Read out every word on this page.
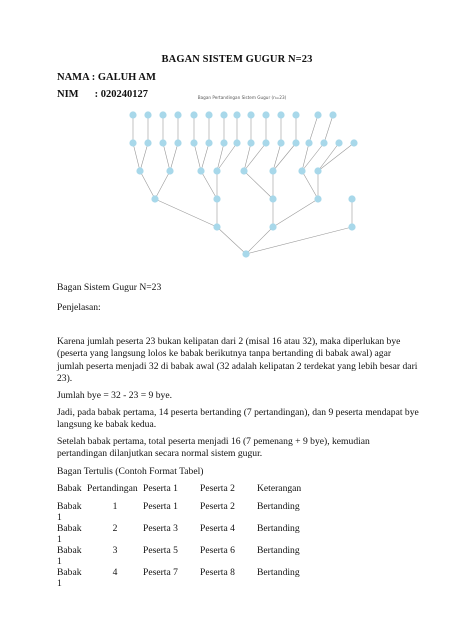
BAGAN SISTEM GUGUR N=23
NAMA : GALUH AM
NIM : 020240127	Bagan Pertandingan Sistem Gugur (n=23)

Bagan Sistem Gugur N=23

Penjelasan:

Karena jumlah peserta 23 bukan kelipatan dari 2 (misal 16 atau 32), maka diperlukan bye (peserta yang langsung lolos ke babak berikutnya tanpa bertanding di babak awal) agar jumlah peserta menjadi 32 di babak awal (32 adalah kelipatan 2 terdekat yang lebih besar dari 23).

Jumlah bye = 32 - 23 = 9 bye.

Jadi, pada babak pertama, 14 peserta bertanding (7 pertandingan), dan 9 peserta mendapat bye langsung ke babak kedua.

Setelah babak pertama, total peserta menjadi 16 (7 pemenang + 9 bye), kemudian pertandingan dilanjutkan secara normal sistem gugur.

Bagan Tertulis (Contoh Format Tabel)

Babak	Pertandingan	Peserta 1	Peserta 2	Keterangan
Babak 1	1	Peserta 1	Peserta 2	Bertanding
Babak 1	2	Peserta 3	Peserta 4	Bertanding
Babak 1	3	Peserta 5	Peserta 6	Bertanding
Babak 1	4	Peserta 7	Peserta 8	Bertanding
